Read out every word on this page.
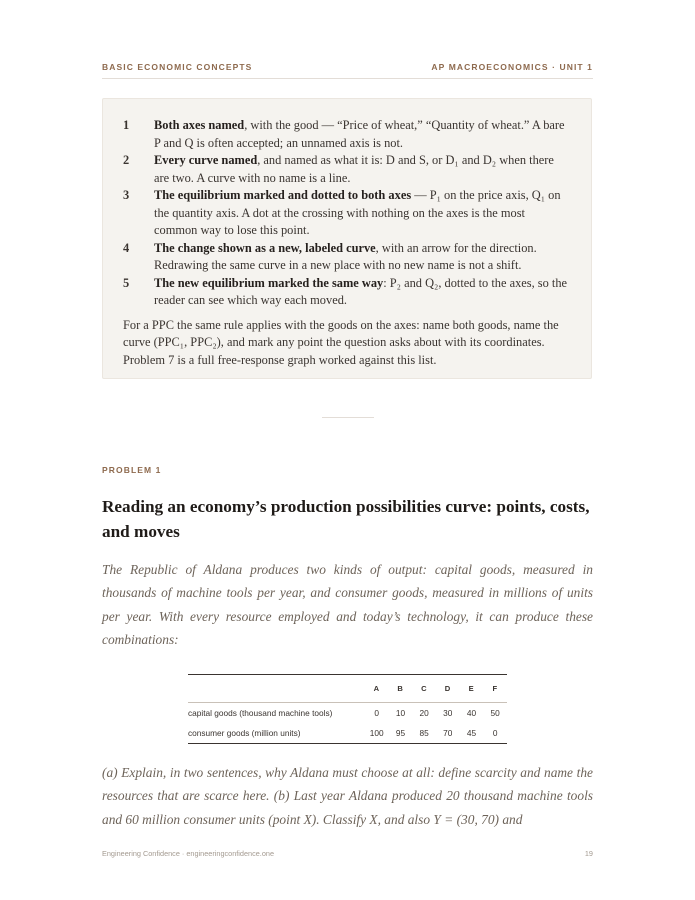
BASIC ECONOMIC CONCEPTS	AP MACROECONOMICS · UNIT 1
1 Both axes named, with the good — “Price of wheat,” “Quantity of wheat.” A bare P and Q is often accepted; an unnamed axis is not.
2 Every curve named, and named as what it is: D and S, or D₁ and D₂ when there are two. A curve with no name is a line.
3 The equilibrium marked and dotted to both axes — P₁ on the price axis, Q₁ on the quantity axis. A dot at the crossing with nothing on the axes is the most common way to lose this point.
4 The change shown as a new, labeled curve, with an arrow for the direction. Redrawing the same curve in a new place with no new name is not a shift.
5 The new equilibrium marked the same way: P₂ and Q₂, dotted to the axes, so the reader can see which way each moved.

For a PPC the same rule applies with the goods on the axes: name both goods, name the curve (PPC₁, PPC₂), and mark any point the question asks about with its coordinates. Problem 7 is a full free-response graph worked against this list.

PROBLEM 1
Reading an economy’s production possibilities curve: points, costs, and moves

The Republic of Aldana produces two kinds of output: capital goods, measured in thousands of machine tools per year, and consumer goods, measured in millions of units per year. With every resource employed and today’s technology, it can produce these combinations:

	A	B	C	D	E	F
capital goods (thousand machine tools)	0	10	20	30	40	50
consumer goods (million units)	100	95	85	70	45	0

(a) Explain, in two sentences, why Aldana must choose at all: define scarcity and name the resources that are scarce here. (b) Last year Aldana produced 20 thousand machine tools and 60 million consumer units (point X). Classify X, and also Y = (30, 70) and

Engineering Confidence · engineeringconfidence.one	19
